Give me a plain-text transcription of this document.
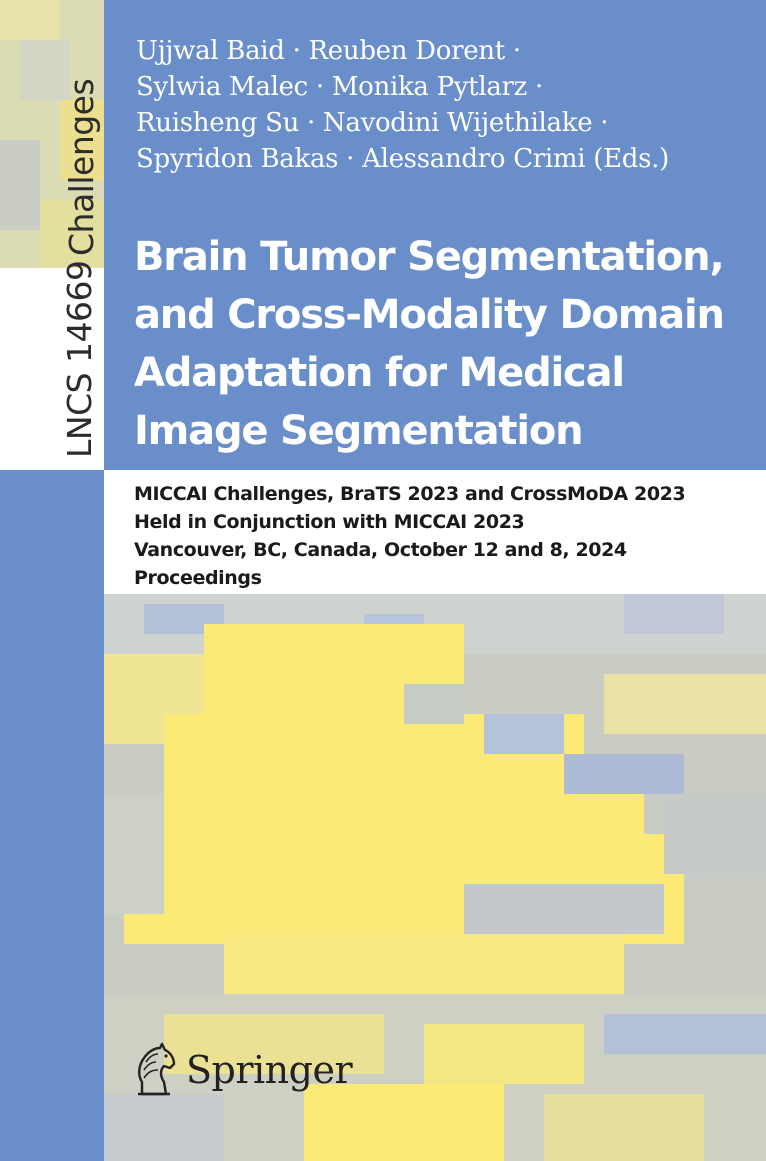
Challenges
LNCS 14669
Ujjwal Baid · Reuben Dorent ·
Sylwia Malec · Monika Pytlarz ·
Ruisheng Su · Navodini Wijethilake ·
Spyridon Bakas · Alessandro Crimi (Eds.)
Brain Tumor Segmentation,
and Cross-Modality Domain
Adaptation for Medical
Image Segmentation
MICCAI Challenges, BraTS 2023 and CrossMoDA 2023
Held in Conjunction with MICCAI 2023
Vancouver, BC, Canada, October 12 and 8, 2024
Proceedings
Springer
